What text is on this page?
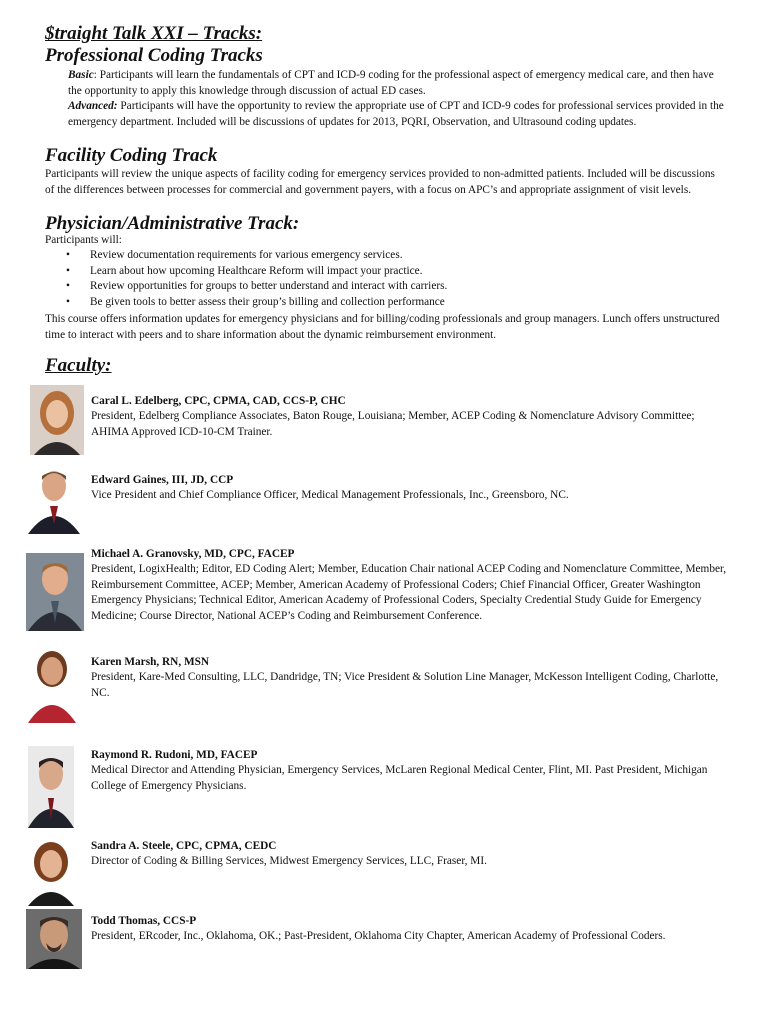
$traight Talk XXI – Tracks:
Professional Coding Tracks
Basic: Participants will learn the fundamentals of CPT and ICD-9 coding for the professional aspect of emergency medical care, and then have the opportunity to apply this knowledge through discussion of actual ED cases.
Advanced: Participants will have the opportunity to review the appropriate use of CPT and ICD-9 codes for professional services provided in the emergency department. Included will be discussions of updates for 2013, PQRI, Observation, and Ultrasound coding updates.
Facility Coding Track
Participants will review the unique aspects of facility coding for emergency services provided to non-admitted patients. Included will be discussions of the differences between processes for commercial and government payers, with a focus on APC’s and appropriate assignment of visit levels.
Physician/Administrative Track:
Participants will:
• Review documentation requirements for various emergency services.
• Learn about how upcoming Healthcare Reform will impact your practice.
• Review opportunities for groups to better understand and interact with carriers.
• Be given tools to better assess their group’s billing and collection performance
This course offers information updates for emergency physicians and for billing/coding professionals and group managers. Lunch offers unstructured time to interact with peers and to share information about the dynamic reimbursement environment.
Faculty:
Caral L. Edelberg, CPC, CPMA, CAD, CCS-P, CHC
President, Edelberg Compliance Associates, Baton Rouge, Louisiana; Member, ACEP Coding & Nomenclature Advisory Committee; AHIMA Approved ICD-10-CM Trainer.
Edward Gaines, III, JD, CCP
Vice President and Chief Compliance Officer, Medical Management Professionals, Inc., Greensboro, NC.
Michael A. Granovsky, MD, CPC, FACEP
President, LogixHealth; Editor, ED Coding Alert; Member, Education Chair national ACEP Coding and Nomenclature Committee, Member, Reimbursement Committee, ACEP; Member, American Academy of Professional Coders; Chief Financial Officer, Greater Washington Emergency Physicians; Technical Editor, American Academy of Professional Coders, Specialty Credential Study Guide for Emergency Medicine; Course Director, National ACEP’s Coding and Reimbursement Conference.
Karen Marsh, RN, MSN
President, Kare-Med Consulting, LLC, Dandridge, TN; Vice President & Solution Line Manager, McKesson Intelligent Coding, Charlotte, NC.
Raymond R. Rudoni, MD, FACEP
Medical Director and Attending Physician, Emergency Services, McLaren Regional Medical Center, Flint, MI. Past President, Michigan College of Emergency Physicians.
Sandra A. Steele, CPC, CPMA, CEDC
Director of Coding & Billing Services, Midwest Emergency Services, LLC, Fraser, MI.
Todd Thomas, CCS-P
President, ERcoder, Inc., Oklahoma, OK.; Past-President, Oklahoma City Chapter, American Academy of Professional Coders.
